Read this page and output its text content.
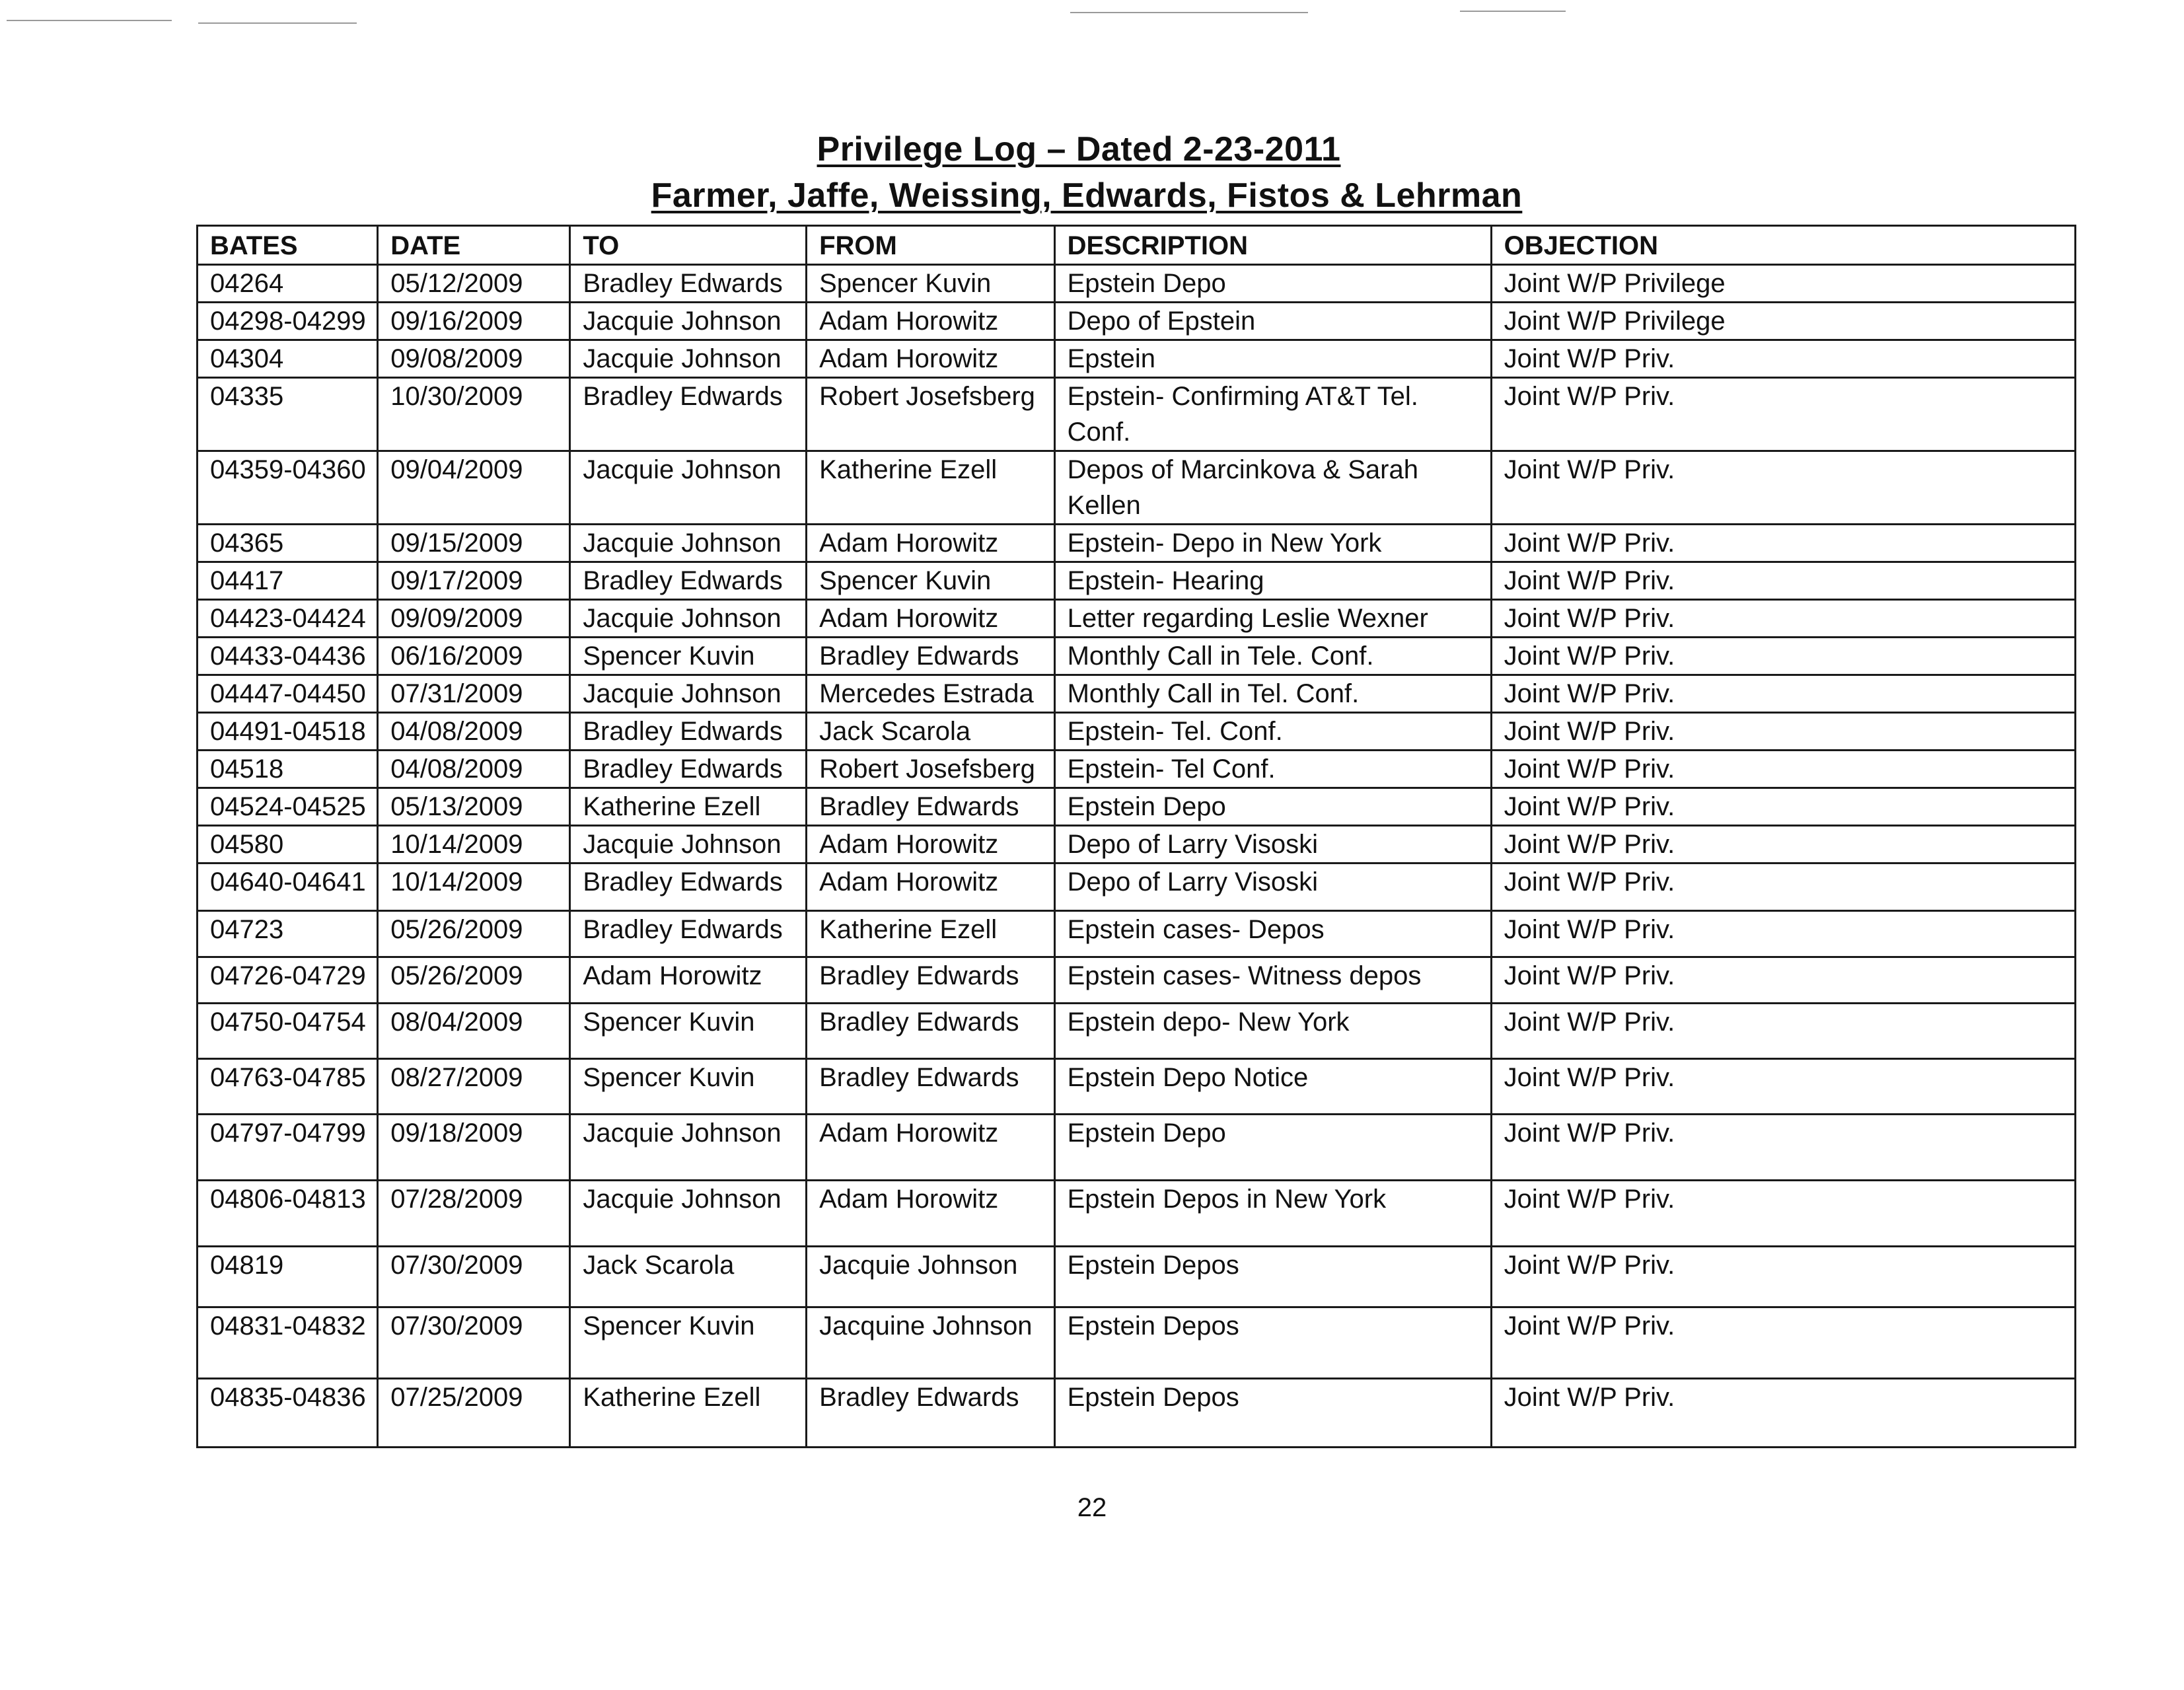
Privilege Log – Dated 2-23-2011
Farmer, Jaffe, Weissing, Edwards, Fistos & Lehrman
BATES	DATE	TO	FROM	DESCRIPTION	OBJECTION
04264	05/12/2009	Bradley Edwards	Spencer Kuvin	Epstein Depo	Joint W/P Privilege
04298-04299	09/16/2009	Jacquie Johnson	Adam Horowitz	Depo of Epstein	Joint W/P Privilege
04304	09/08/2009	Jacquie Johnson	Adam Horowitz	Epstein	Joint W/P Priv.
04335	10/30/2009	Bradley Edwards	Robert Josefsberg	Epstein- Confirming AT&T Tel. Conf.	Joint W/P Priv.
04359-04360	09/04/2009	Jacquie Johnson	Katherine Ezell	Depos of Marcinkova & Sarah Kellen	Joint W/P Priv.
04365	09/15/2009	Jacquie Johnson	Adam Horowitz	Epstein- Depo in New York	Joint W/P Priv.
04417	09/17/2009	Bradley Edwards	Spencer Kuvin	Epstein- Hearing	Joint W/P Priv.
04423-04424	09/09/2009	Jacquie Johnson	Adam Horowitz	Letter regarding Leslie Wexner	Joint W/P Priv.
04433-04436	06/16/2009	Spencer Kuvin	Bradley Edwards	Monthly Call in Tele. Conf.	Joint W/P Priv.
04447-04450	07/31/2009	Jacquie Johnson	Mercedes Estrada	Monthly Call in Tel. Conf.	Joint W/P Priv.
04491-04518	04/08/2009	Bradley Edwards	Jack Scarola	Epstein- Tel. Conf.	Joint W/P Priv.
04518	04/08/2009	Bradley Edwards	Robert Josefsberg	Epstein- Tel Conf.	Joint W/P Priv.
04524-04525	05/13/2009	Katherine Ezell	Bradley Edwards	Epstein Depo	Joint W/P Priv.
04580	10/14/2009	Jacquie Johnson	Adam Horowitz	Depo of Larry Visoski	Joint W/P Priv.
04640-04641	10/14/2009	Bradley Edwards	Adam Horowitz	Depo of Larry Visoski	Joint W/P Priv.
04723	05/26/2009	Bradley Edwards	Katherine Ezell	Epstein cases- Depos	Joint W/P Priv.
04726-04729	05/26/2009	Adam Horowitz	Bradley Edwards	Epstein cases- Witness depos	Joint W/P Priv.
04750-04754	08/04/2009	Spencer Kuvin	Bradley Edwards	Epstein depo- New York	Joint W/P Priv.
04763-04785	08/27/2009	Spencer Kuvin	Bradley Edwards	Epstein Depo Notice	Joint W/P Priv.
04797-04799	09/18/2009	Jacquie Johnson	Adam Horowitz	Epstein Depo	Joint W/P Priv.
04806-04813	07/28/2009	Jacquie Johnson	Adam Horowitz	Epstein Depos in New York	Joint W/P Priv.
04819	07/30/2009	Jack Scarola	Jacquie Johnson	Epstein Depos	Joint W/P Priv.
04831-04832	07/30/2009	Spencer Kuvin	Jacquine Johnson	Epstein Depos	Joint W/P Priv.
04835-04836	07/25/2009	Katherine Ezell	Bradley Edwards	Epstein Depos	Joint W/P Priv.
22
